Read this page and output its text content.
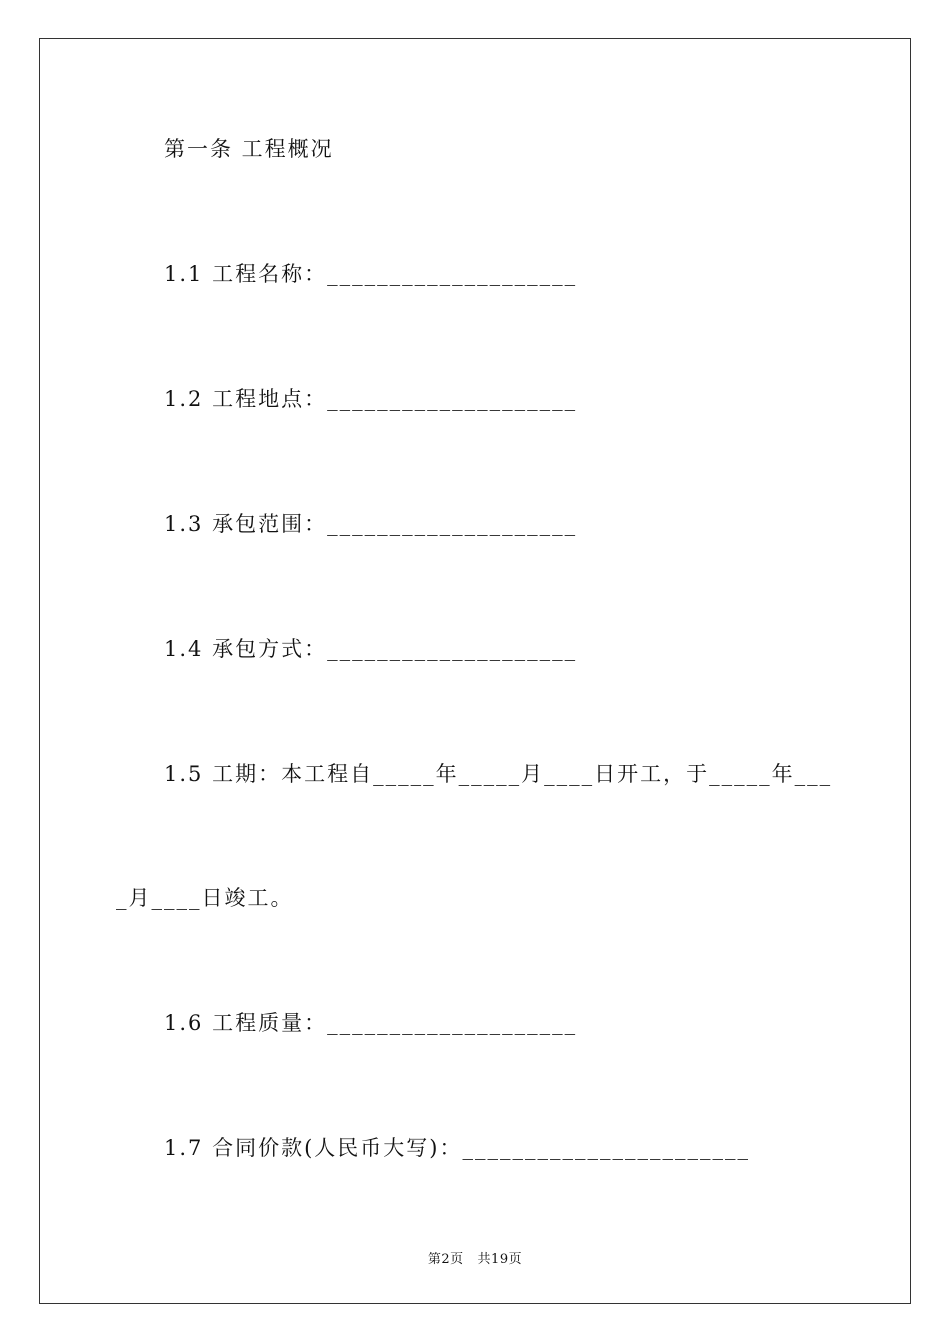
第一条 工程概况
1.1 工程名称：____________________
1.2 工程地点：____________________
1.3 承包范围：____________________
1.4 承包方式：____________________
1.5 工期：本工程自_____年_____月____日开工，于_____年___
_月____日竣工。
1.6 工程质量：____________________
1.7 合同价款(人民币大写)：_______________________
第2页   共19页
